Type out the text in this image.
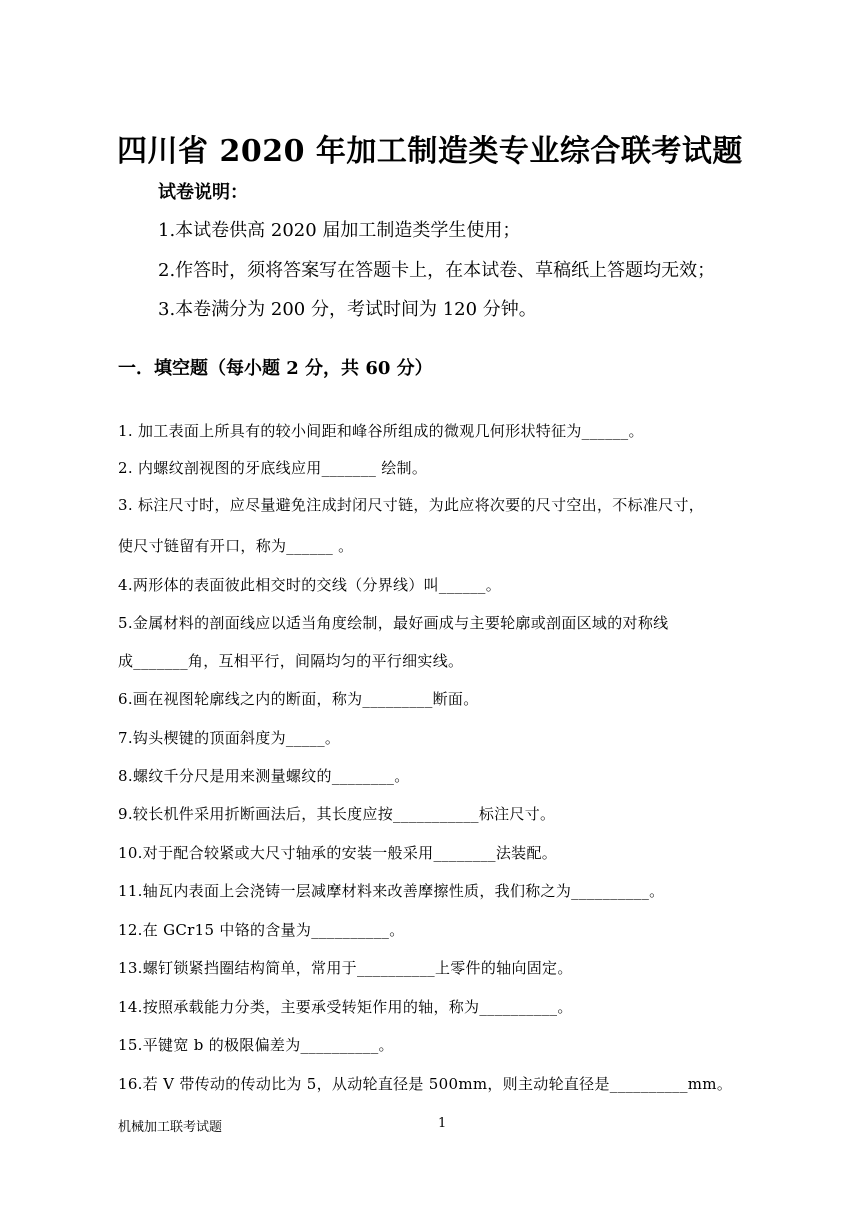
四川省 2020 年加工制造类专业综合联考试题
试卷说明：
1.本试卷供高 2020 届加工制造类学生使用；
2.作答时，须将答案写在答题卡上，在本试卷、草稿纸上答题均无效；
3.本卷满分为 200 分，考试时间为 120 分钟。
一．填空题（每小题 2 分，共 60 分）
1. 加工表面上所具有的较小间距和峰谷所组成的微观几何形状特征为______。
2. 内螺纹剖视图的牙底线应用_______ 绘制。
3. 标注尺寸时，应尽量避免注成封闭尺寸链，为此应将次要的尺寸空出，不标准尺寸，
使尺寸链留有开口，称为______ 。
4.两形体的表面彼此相交时的交线（分界线）叫______。
5.金属材料的剖面线应以适当角度绘制，最好画成与主要轮廓或剖面区域的对称线
成_______角，互相平行，间隔均匀的平行细实线。
6.画在视图轮廓线之内的断面，称为_________断面。
7.钩头楔键的顶面斜度为_____。
8.螺纹千分尺是用来测量螺纹的________。
9.较长机件采用折断画法后，其长度应按___________标注尺寸。
10.对于配合较紧或大尺寸轴承的安装一般采用________法装配。
11.轴瓦内表面上会浇铸一层减摩材料来改善摩擦性质，我们称之为__________。
12.在 GCr15 中铬的含量为__________。
13.螺钉锁紧挡圈结构简单，常用于__________上零件的轴向固定。
14.按照承载能力分类，主要承受转矩作用的轴，称为__________。
15.平键宽 b 的极限偏差为__________。
16.若 V 带传动的传动比为 5，从动轮直径是 500mm，则主动轮直径是__________mm。
机械加工联考试题	1
